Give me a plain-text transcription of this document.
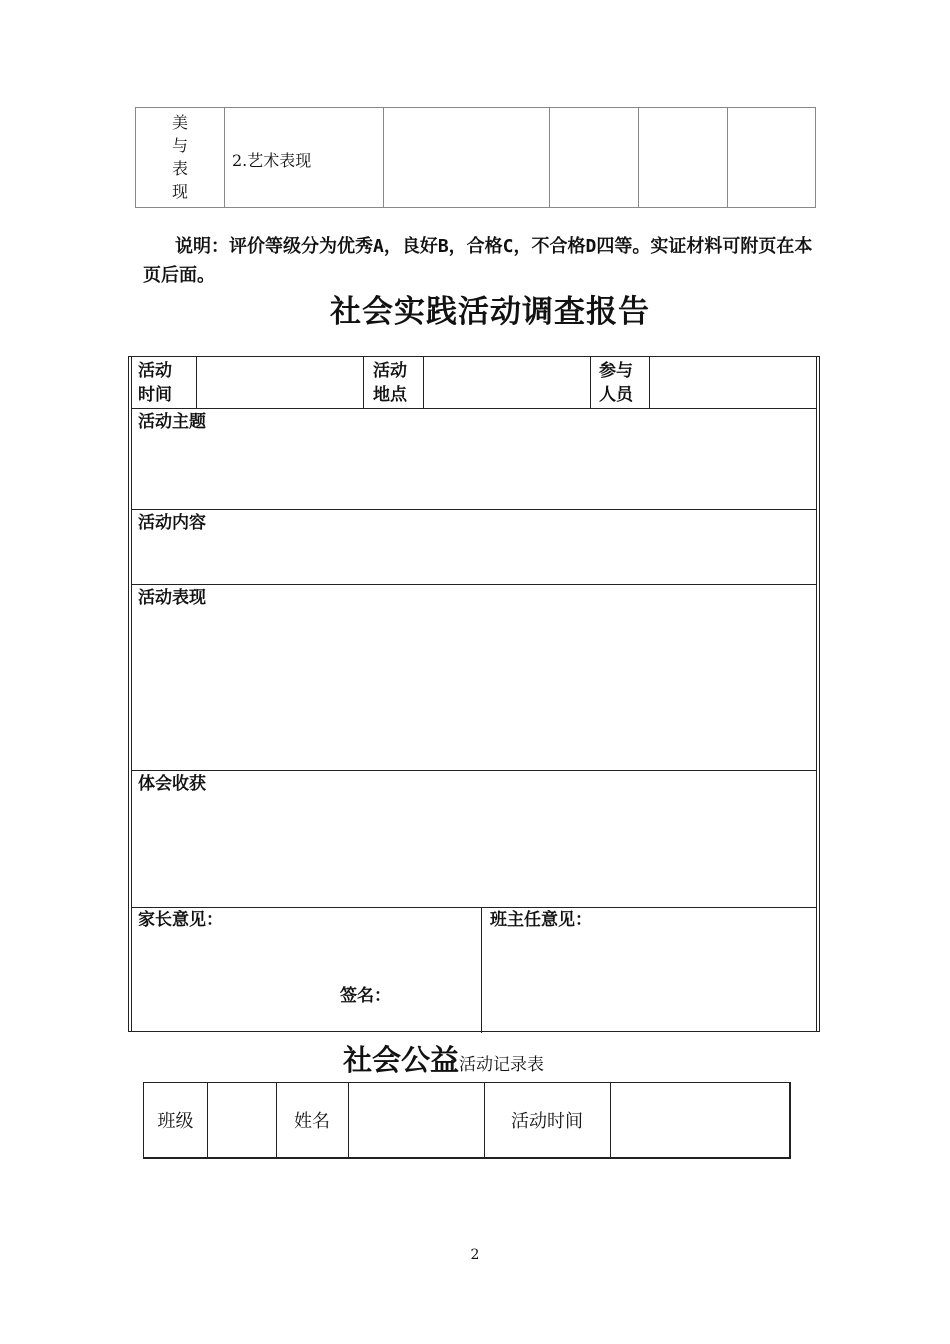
美
与
表
现
2.艺术表现
说明：评价等级分为优秀A，良好B，合格C，不合格D四等。实证材料可附页在本页后面。
社会实践活动调查报告
活动
时间
活动
地点
参与
人员
活动主题
活动内容
活动表现
体会收获
家长意见：
签名：
班主任意见：
社会公益活动记录表
班级	姓名	活动时间
2
